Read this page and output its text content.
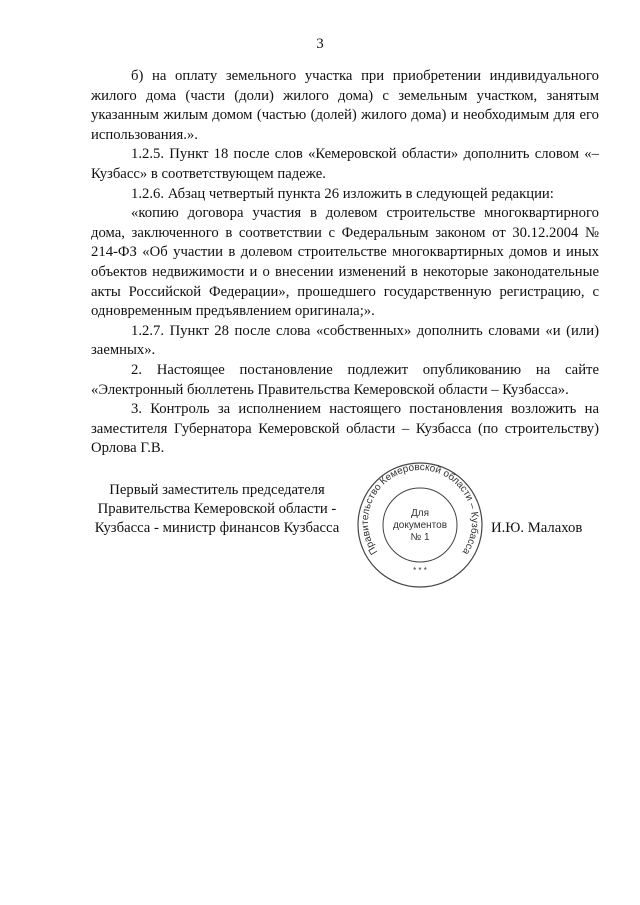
3

б) на оплату земельного участка при приобретении индивидуального жилого дома (части (доли) жилого дома) с земельным участком, занятым указанным жилым домом (частью (долей) жилого дома) и необходимым для его использования.».

1.2.5. Пункт 18 после слов «Кемеровской области» дополнить словом «– Кузбасс» в соответствующем падеже.

1.2.6. Абзац четвертый пункта 26 изложить в следующей редакции:

«копию договора участия в долевом строительстве многоквартирного дома, заключенного в соответствии с Федеральным законом от 30.12.2004 № 214-ФЗ «Об участии в долевом строительстве многоквартирных домов и иных объектов недвижимости и о внесении изменений в некоторые законодательные акты Российской Федерации», прошедшего государственную регистрацию, с одновременным предъявлением оригинала;».

1.2.7. Пункт 28 после слова «собственных» дополнить словами «и (или) заемных».

2. Настоящее постановление подлежит опубликованию на сайте «Электронный бюллетень Правительства Кемеровской области – Кузбасса».

3. Контроль за исполнением настоящего постановления возложить на заместителя Губернатора Кемеровской области – Кузбасса (по строительству) Орлова Г.В.

Первый заместитель председателя
Правительства Кемеровской области -
Кузбасса - министр финансов Кузбасса
Правительство Кемеровской области – Кузбасса
* * *
Для
документов
№ 1
И.Ю. Малахов
